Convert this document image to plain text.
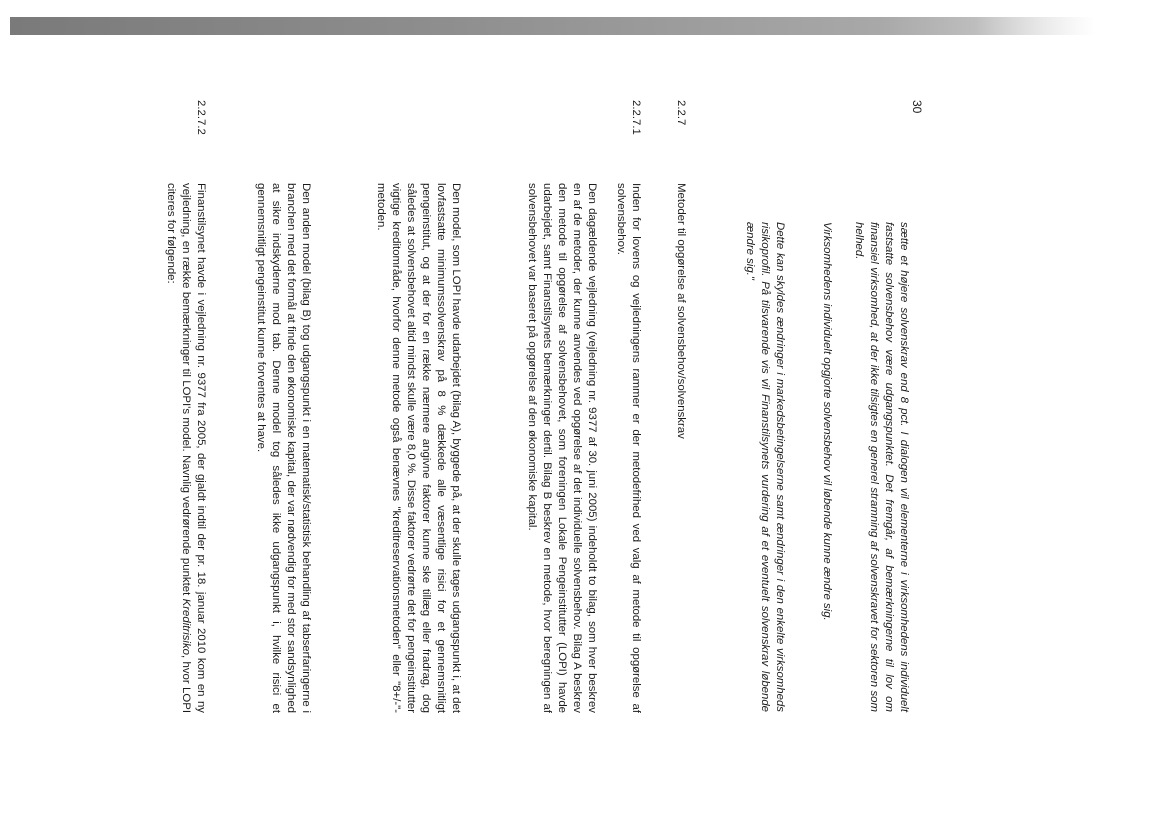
30

sætte et højere solvenskrav end 8 pct. I dialogen vil elementerne i virksomhedens individuelt fastsatte solvensbehov være udgangspunktet. Det fremgår, af bemærkningerne til lov om finansiel virksomhed, at der ikke tilsigtes en generel stramning af solvenskravet for sektoren som helhed.

Virksomhedens individuelt opgjorte solvensbehov vil løbende kunne ændre sig.

Dette kan skyldes ændringer i markedsbetingelserne samt ændringer i den enkelte virksomheds risikoprofil. På tilsvarende vis vil Finanstilsynets vurdering af et eventuelt solvenskrav løbende ændre sig."

2.2.7
Metoder til opgørelse af solvensbehov/solvenskrav
2.2.7.1

Inden for lovens og vejledningens rammer er der metodefrihed ved valg af metode til opgørelse af solvensbehov.

Den dagældende vejledning (vejledning nr. 9377 af 30. juni 2005) indeholdt to bilag, som hver beskrev en af de metoder, der kunne anvendes ved opgørelse af det individuelle solvensbehov. Bilag A beskrev den metode til opgørelse af solvensbehovet, som foreningen Lokale Pengeinstitutter (LOPI) havde udarbejdet, samt Finanstilsynets bemærkninger dertil. Bilag B beskrev en metode, hvor beregningen af solvensbehovet var baseret på opgørelse af den økonomiske kapital.

Den model, som LOPI havde udarbejdet (bilag A), byggede på, at der skulle tages udgangspunkt i, at det lovfastsatte minimumssolvenskrav på 8 % dækkede alle væsentlige risici for et gennemsnitligt pengeinstitut, og at der for en række nærmere angivne faktorer kunne ske tillæg eller fradrag, dog således at solvensbehovet altid mindst skulle være 8,0 %. Disse faktorer vedrørte det for pengeinstitutter vigtige kreditområde, hvorfor denne metode også benævnes "kreditreservationsmetoden" eller "8+/-"-metoden.

Den anden model (bilag B) tog udgangspunkt i en matematisk/statistisk behandling af tabserfaringerne i branchen med det formål at finde den økonomiske kapital, der var nødvendig for med stor sandsynlighed at sikre indskyderne mod tab. Denne model tog således ikke udgangspunkt i, hvilke risici et gennemsnitligt pengeinstitut kunne forventes at have.

2.2.7.2

Finanstilsynet havde i vejledning nr. 9377 fra 2005, der gjaldt indtil der pr. 18. januar 2010 kom en ny vejledning, en række bemærkninger til LOPI's model. Navnlig vedrørende punktet Kreditrisiko, hvor LOPI citeres for følgende:
